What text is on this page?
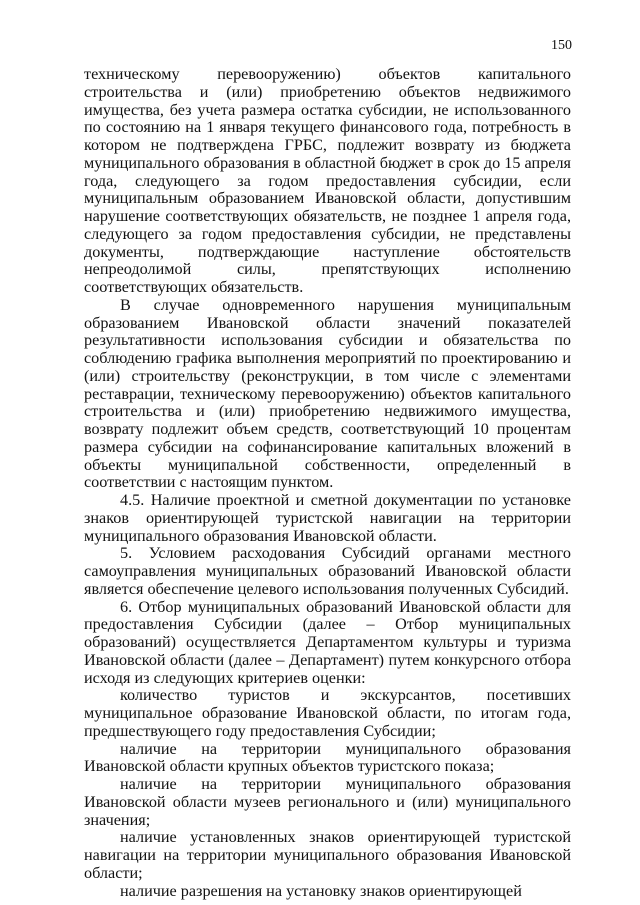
150

техническому перевооружению) объектов капитального строительства и (или) приобретению объектов недвижимого имущества, без учета размера остатка субсидии, не использованного по состоянию на 1 января текущего финансового года, потребность в котором не подтверждена ГРБС, подлежит возврату из бюджета муниципального образования в областной бюджет в срок до 15 апреля года, следующего за годом предоставления субсидии, если муниципальным образованием Ивановской области, допустившим нарушение соответствующих обязательств, не позднее 1 апреля года, следующего за годом предоставления субсидии, не представлены документы, подтверждающие наступление обстоятельств непреодолимой силы, препятствующих исполнению соответствующих обязательств.

В случае одновременного нарушения муниципальным образованием Ивановской области значений показателей результативности использования субсидии и обязательства по соблюдению графика выполнения мероприятий по проектированию и (или) строительству (реконструкции, в том числе с элементами реставрации, техническому перевооружению) объектов капитального строительства и (или) приобретению недвижимого имущества, возврату подлежит объем средств, соответствующий 10 процентам размера субсидии на софинансирование капитальных вложений в объекты муниципальной собственности, определенный в соответствии с настоящим пунктом.

4.5. Наличие проектной и сметной документации по установке знаков ориентирующей туристской навигации на территории муниципального образования Ивановской области.

5. Условием расходования Субсидий органами местного самоуправления муниципальных образований Ивановской области является обеспечение целевого использования полученных Субсидий.

6. Отбор муниципальных образований Ивановской области для предоставления Субсидии (далее – Отбор муниципальных образований) осуществляется Департаментом культуры и туризма Ивановской области (далее – Департамент) путем конкурсного отбора исходя из следующих критериев оценки:

количество туристов и экскурсантов, посетивших муниципальное образование Ивановской области, по итогам года, предшествующего году предоставления Субсидии;

наличие на территории муниципального образования Ивановской области крупных объектов туристского показа;

наличие на территории муниципального образования Ивановской области музеев регионального и (или) муниципального значения;

наличие установленных знаков ориентирующей туристской навигации на территории муниципального образования Ивановской области;

наличие разрешения на установку знаков ориентирующей
